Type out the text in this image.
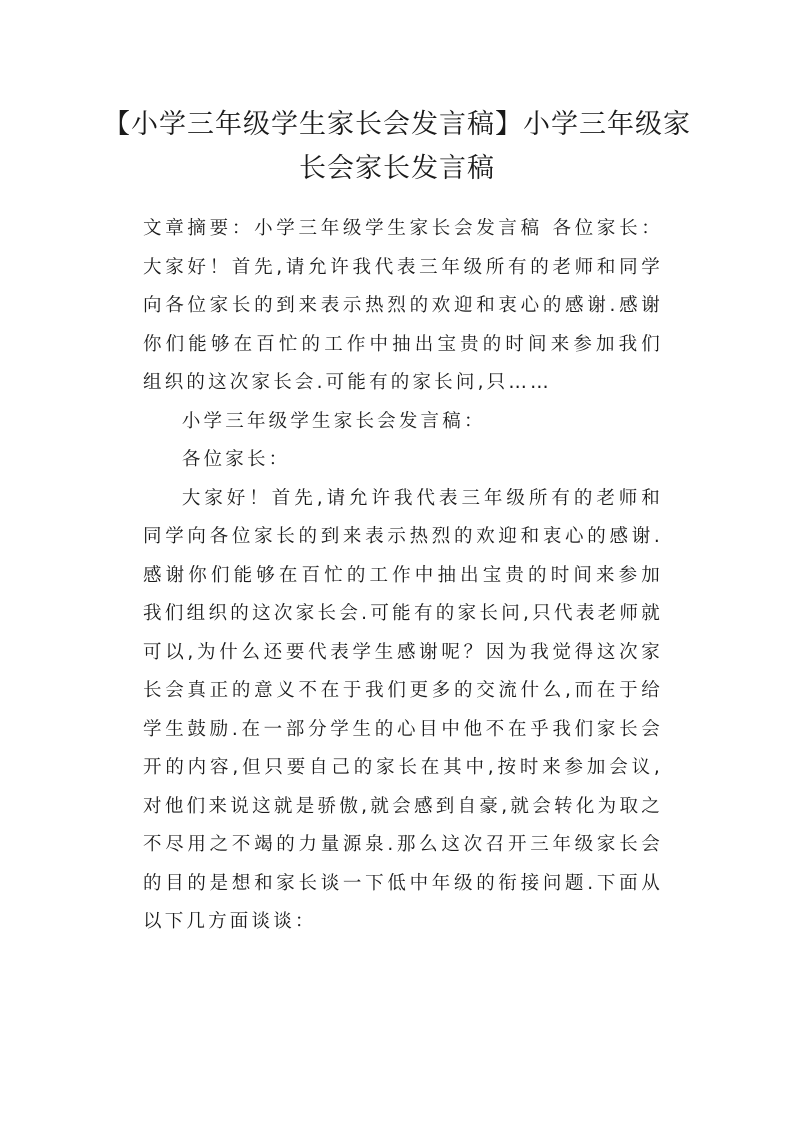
【小学三年级学生家长会发言稿】小学三年级家长会家长发言稿

文章摘要：小学三年级学生家长会发言稿 各位家长：大家好！首先,请允许我代表三年级所有的老师和同学向各位家长的到来表示热烈的欢迎和衷心的感谢.感谢你们能够在百忙的工作中抽出宝贵的时间来参加我们组织的这次家长会.可能有的家长问,只……

小学三年级学生家长会发言稿：

各位家长：

大家好！首先,请允许我代表三年级所有的老师和同学向各位家长的到来表示热烈的欢迎和衷心的感谢.感谢你们能够在百忙的工作中抽出宝贵的时间来参加我们组织的这次家长会.可能有的家长问,只代表老师就可以,为什么还要代表学生感谢呢？因为我觉得这次家长会真正的意义不在于我们更多的交流什么,而在于给学生鼓励.在一部分学生的心目中他不在乎我们家长会开的内容,但只要自己的家长在其中,按时来参加会议,对他们来说这就是骄傲,就会感到自豪,就会转化为取之不尽用之不竭的力量源泉.那么这次召开三年级家长会的目的是想和家长谈一下低中年级的衔接问题.下面从以下几方面谈谈：
